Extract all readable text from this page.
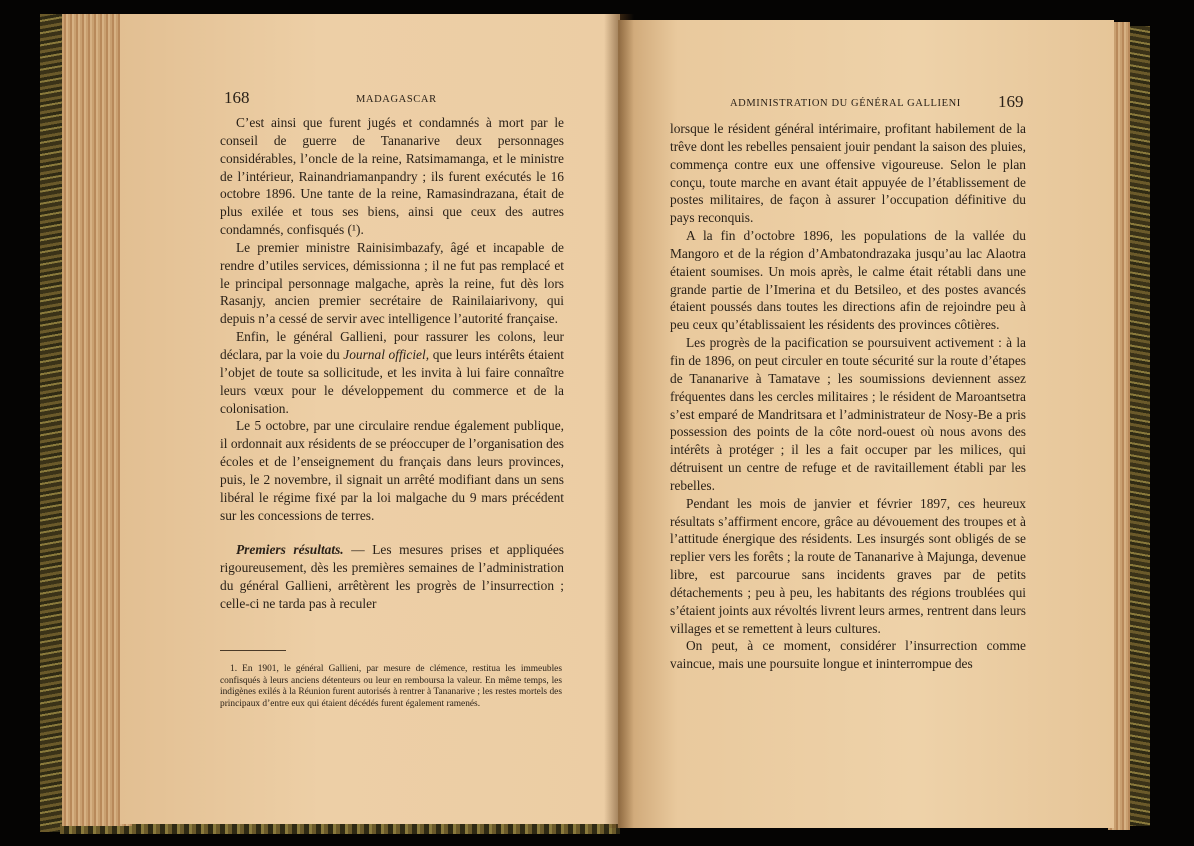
168	MADAGASCAR

C’est ainsi que furent jugés et condamnés à mort par le conseil de guerre de Tananarive deux personnages considérables, l’oncle de la reine, Ratsimamanga, et le ministre de l’intérieur, Rainandriamanpandry ; ils furent exécutés le 16 octobre 1896. Une tante de la reine, Ramasindrazana, était de plus exilée et tous ses biens, ainsi que ceux des autres condamnés, confisqués (¹).

Le premier ministre Rainisimbazafy, âgé et incapable de rendre d’utiles services, démissionna ; il ne fut pas remplacé et le principal personnage malgache, après la reine, fut dès lors Rasanjy, ancien premier secrétaire de Rainilaiarivony, qui depuis n’a cessé de servir avec intelligence l’autorité française.

Enfin, le général Gallieni, pour rassurer les colons, leur déclara, par la voie du Journal officiel, que leurs intérêts étaient l’objet de toute sa sollicitude, et les invita à lui faire connaître leurs vœux pour le développement du commerce et de la colonisation.

Le 5 octobre, par une circulaire rendue également publique, il ordonnait aux résidents de se préoccuper de l’organisation des écoles et de l’enseignement du français dans leurs provinces, puis, le 2 novembre, il signait un arrêté modifiant dans un sens libéral le régime fixé par la loi malgache du 9 mars précédent sur les concessions de terres.

Premiers résultats. — Les mesures prises et appliquées rigoureusement, dès les premières semaines de l’administration du général Gallieni, arrêtèrent les progrès de l’insurrection ; celle-ci ne tarda pas à reculer

1. En 1901, le général Gallieni, par mesure de clémence, restitua les immeubles confisqués à leurs anciens détenteurs ou leur en remboursa la valeur. En même temps, les indigènes exilés à la Réunion furent autorisés à rentrer à Tananarive ; les restes mortels des principaux d’entre eux qui étaient décédés furent également ramenés.

ADMINISTRATION DU GÉNÉRAL GALLIENI 169

lorsque le résident général intérimaire, profitant habilement de la trêve dont les rebelles pensaient jouir pendant la saison des pluies, commença contre eux une offensive vigoureuse. Selon le plan conçu, toute marche en avant était appuyée de l’établissement de postes militaires, de façon à assurer l’occupation définitive du pays reconquis.

A la fin d’octobre 1896, les populations de la vallée du Mangoro et de la région d’Ambatondrazaka jusqu’au lac Alaotra étaient soumises. Un mois après, le calme était rétabli dans une grande partie de l’Imerina et du Betsileo, et des postes avancés étaient poussés dans toutes les directions afin de rejoindre peu à peu ceux qu’établissaient les résidents des provinces côtières.

Les progrès de la pacification se poursuivent activement : à la fin de 1896, on peut circuler en toute sécurité sur la route d’étapes de Tananarive à Tamatave ; les soumissions deviennent assez fréquentes dans les cercles militaires ; le résident de Maroantsetra s’est emparé de Mandritsara et l’administrateur de Nosy-Be a pris possession des points de la côte nord-ouest où nous avons des intérêts à protéger ; il les a fait occuper par les milices, qui détruisent un centre de refuge et de ravitaillement établi par les rebelles.

Pendant les mois de janvier et février 1897, ces heureux résultats s’affirment encore, grâce au dévouement des troupes et à l’attitude énergique des résidents. Les insurgés sont obligés de se replier vers les forêts ; la route de Tananarive à Majunga, devenue libre, est parcourue sans incidents graves par de petits détachements ; peu à peu, les habitants des régions troublées qui s’étaient joints aux révoltés livrent leurs armes, rentrent dans leurs villages et se remettent à leurs cultures.

On peut, à ce moment, considérer l’insurrection comme vaincue, mais une poursuite longue et ininterrompue des
